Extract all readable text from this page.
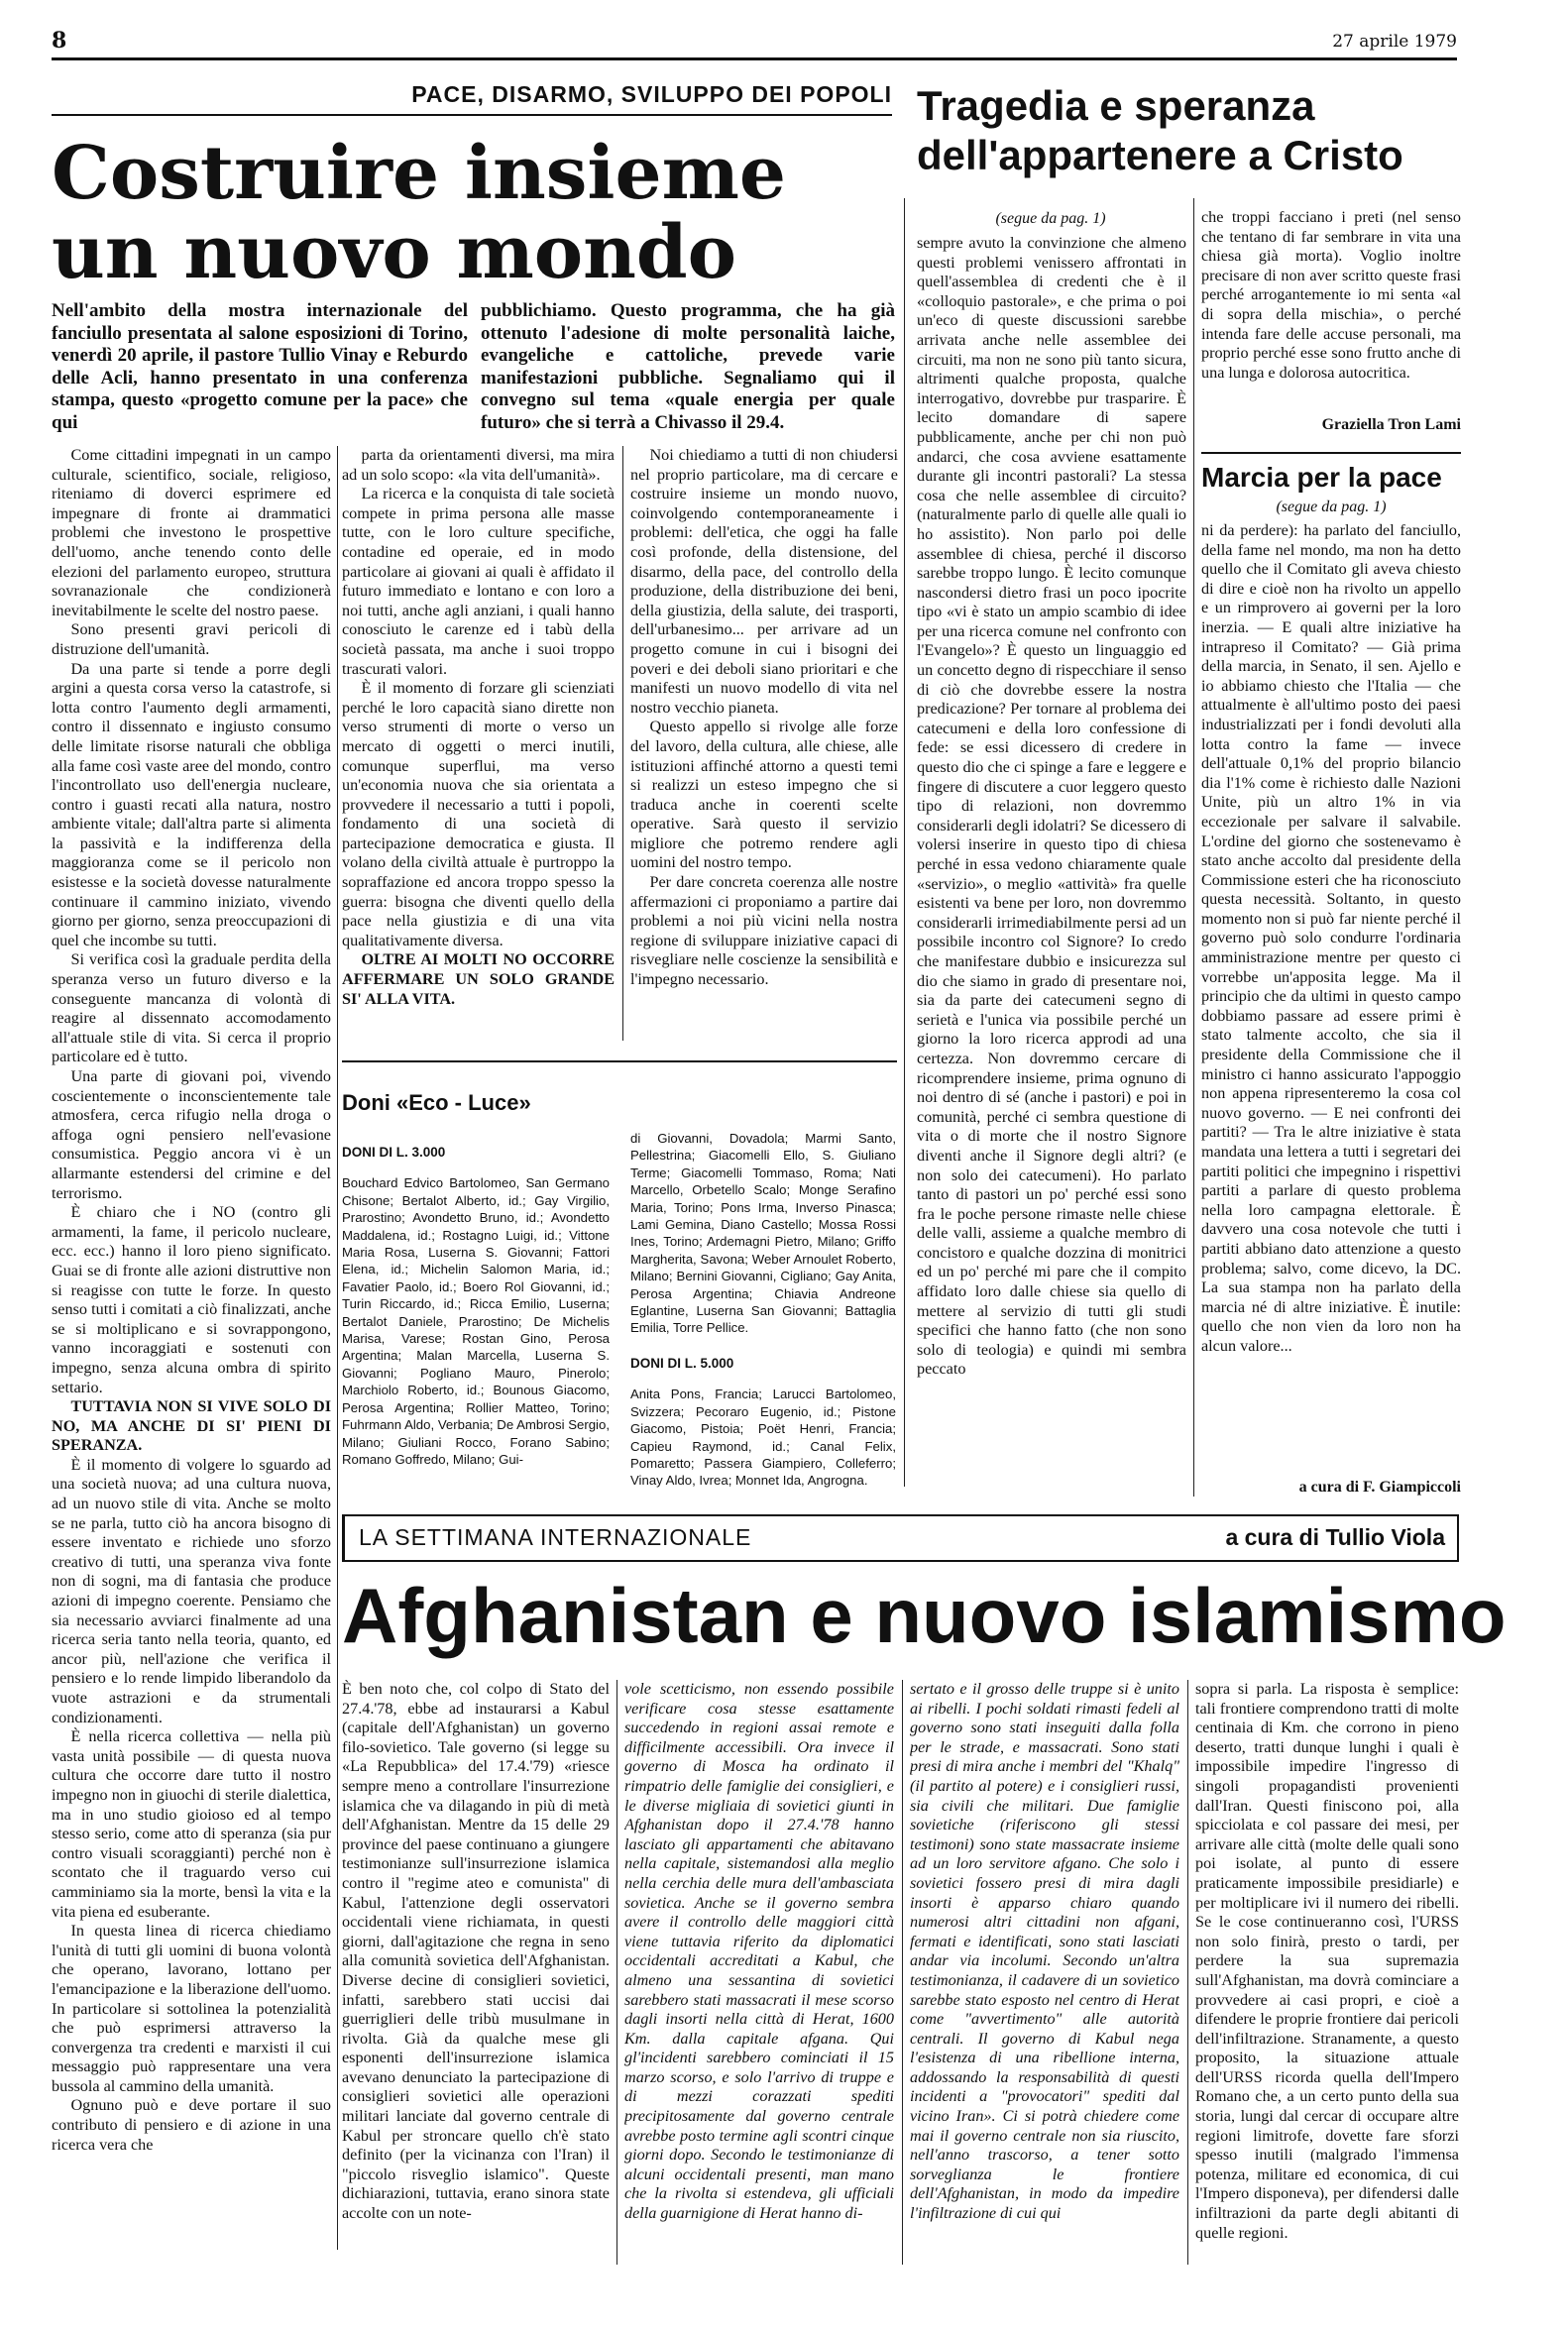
8	27 aprile 1979
PACE, DISARMO, SVILUPPO DEI POPOLI
Costruire insieme un nuovo mondo
Nell'ambito della mostra internazionale del fanciullo presentata al salone esposizioni di Torino, venerdì 20 aprile, il pastore Tullio Vinay e Reburdo delle Acli, hanno presentato in una conferenza stampa, questo «progetto comune per la pace» che qui
pubblichiamo. Questo programma, che ha già ottenuto l'adesione di molte personalità laiche, evangeliche e cattoliche, prevede varie manifestazioni pubbliche. Segnaliamo qui il convegno sul tema «quale energia per quale futuro» che si terrà a Chivasso il 29.4.

Come cittadini impegnati in un campo culturale, scientifico, sociale, religioso, riteniamo di doverci esprimere ed impegnare di fronte ai drammatici problemi che investono le prospettive dell'uomo, anche tenendo conto delle elezioni del parlamento europeo, struttura sovranazionale che condizionerà inevitabilmente le scelte del nostro paese.

Sono presenti gravi pericoli di distruzione dell'umanità.

Da una parte si tende a porre degli argini a questa corsa verso la catastrofe, si lotta contro l'aumento degli armamenti, contro il dissennato e ingiusto consumo delle limitate risorse naturali che obbliga alla fame così vaste aree del mondo, contro l'incontrollato uso dell'energia nucleare, contro i guasti recati alla natura, nostro ambiente vitale; dall'altra parte si alimenta la passività e la indifferenza della maggioranza come se il pericolo non esistesse e la società dovesse naturalmente continuare il cammino iniziato, vivendo giorno per giorno, senza preoccupazioni di quel che incombe su tutti.

Si verifica così la graduale perdita della speranza verso un futuro diverso e la conseguente mancanza di volontà di reagire al dissennato accomodamento all'attuale stile di vita. Si cerca il proprio particolare ed è tutto.

Una parte di giovani poi, vivendo coscientemente o inconscientemente tale atmosfera, cerca rifugio nella droga o affoga ogni pensiero nell'evasione consumistica. Peggio ancora vi è un allarmante estendersi del crimine e del terrorismo.

È chiaro che i NO (contro gli armamenti, la fame, il pericolo nucleare, ecc. ecc.) hanno il loro pieno significato. Guai se di fronte alle azioni distruttive non si reagisse con tutte le forze. In questo senso tutti i comitati a ciò finalizzati, anche se si moltiplicano e si sovrappongono, vanno incoraggiati e sostenuti con impegno, senza alcuna ombra di spirito settario.

TUTTAVIA NON SI VIVE SOLO DI NO, MA ANCHE DI SI' PIENI DI SPERANZA.

È il momento di volgere lo sguardo ad una società nuova; ad una cultura nuova, ad un nuovo stile di vita. Anche se molto se ne parla, tutto ciò ha ancora bisogno di essere inventato e richiede uno sforzo creativo di tutti, una speranza viva fonte non di sogni, ma di fantasia che produce azioni di impegno coerente. Pensiamo che sia necessario avviarci finalmente ad una ricerca seria tanto nella teoria, quanto, ed ancor più, nell'azione che verifica il pensiero e lo rende limpido liberandolo da vuote astrazioni e da strumentali condizionamenti.

È nella ricerca collettiva — nella più vasta unità possibile — di questa nuova cultura che occorre dare tutto il nostro impegno non in giuochi di sterile dialettica, ma in uno studio gioioso ed al tempo stesso serio, come atto di speranza (sia pur contro visuali scoraggianti) perché non è scontato che il traguardo verso cui camminiamo sia la morte, bensì la vita e la vita piena ed esuberante.

In questa linea di ricerca chiediamo l'unità di tutti gli uomini di buona volontà che operano, lavorano, lottano per l'emancipazione e la liberazione dell'uomo. In particolare si sottolinea la potenzialità che può esprimersi attraverso la convergenza tra credenti e marxisti il cui messaggio può rappresentare una vera bussola al cammino della umanità.

Ognuno può e deve portare il suo contributo di pensiero e di azione in una ricerca vera che

parta da orientamenti diversi, ma mira ad un solo scopo: «la vita dell'umanità».

La ricerca e la conquista di tale società compete in prima persona alle masse tutte, con le loro culture specifiche, contadine ed operaie, ed in modo particolare ai giovani ai quali è affidato il futuro immediato e lontano e con loro a noi tutti, anche agli anziani, i quali hanno conosciuto le carenze ed i tabù della società passata, ma anche i suoi troppo trascurati valori.

È il momento di forzare gli scienziati perché le loro capacità siano dirette non verso strumenti di morte o verso un mercato di oggetti o merci inutili, comunque superflui, ma verso un'economia nuova che sia orientata a provvedere il necessario a tutti i popoli, fondamento di una società di partecipazione democratica e giusta. Il volano della civiltà attuale è purtroppo la sopraffazione ed ancora troppo spesso la guerra: bisogna che diventi quello della pace nella giustizia e di una vita qualitativamente diversa.

OLTRE AI MOLTI NO OCCORRE AFFERMARE UN SOLO GRANDE SI' ALLA VITA.

Noi chiediamo a tutti di non chiudersi nel proprio particolare, ma di cercare e costruire insieme un mondo nuovo, coinvolgendo contemporaneamente i problemi: dell'etica, che oggi ha falle così profonde, della distensione, del disarmo, della pace, del controllo della produzione, della distribuzione dei beni, della giustizia, della salute, dei trasporti, dell'urbanesimo... per arrivare ad un progetto comune in cui i bisogni dei poveri e dei deboli siano prioritari e che manifesti un nuovo modello di vita nel nostro vecchio pianeta.

Questo appello si rivolge alle forze del lavoro, della cultura, alle chiese, alle istituzioni affinché attorno a questi temi si realizzi un esteso impegno che si traduca anche in coerenti scelte operative. Sarà questo il servizio migliore che potremo rendere agli uomini del nostro tempo.

Per dare concreta coerenza alle nostre affermazioni ci proponiamo a partire dai problemi a noi più vicini nella nostra regione di sviluppare iniziative capaci di risvegliare nelle coscienze la sensibilità e l'impegno necessario.

Doni «Eco - Luce»
DONI DI L. 3.000
Bouchard Edvico Bartolomeo, San Germano Chisone; Bertalot Alberto, id.; Gay Virgilio, Prarostino; Avondetto Bruno, id.; Avondetto Maddalena, id.; Rostagno Luigi, id.; Vittone Maria Rosa, Luserna S. Giovanni; Fattori Elena, id.; Michelin Salomon Maria, id.; Favatier Paolo, id.; Boero Rol Giovanni, id.; Turin Riccardo, id.; Ricca Emilio, Luserna; Bertalot Daniele, Prarostino; De Michelis Marisa, Varese; Rostan Gino, Perosa Argentina; Malan Marcella, Luserna S. Giovanni; Pogliano Mauro, Pinerolo; Marchiolo Roberto, id.; Bounous Giacomo, Perosa Argentina; Rollier Matteo, Torino; Fuhrmann Aldo, Verbania; De Ambrosi Sergio, Milano; Giuliani Rocco, Forano Sabino; Romano Goffredo, Milano; Gui-
di Giovanni, Dovadola; Marmi Santo, Pellestrina; Giacomelli Ello, S. Giuliano Terme; Giacomelli Tommaso, Roma; Nati Marcello, Orbetello Scalo; Monge Serafino Maria, Torino; Pons Irma, Inverso Pinasca; Lami Gemina, Diano Castello; Mossa Rossi Ines, Torino; Ardemagni Pietro, Milano; Griffo Margherita, Savona; Weber Arnoulet Roberto, Milano; Bernini Giovanni, Cigliano; Gay Anita, Perosa Argentina; Chiavia Andreone Eglantine, Luserna San Giovanni; Battaglia Emilia, Torre Pellice.
DONI DI L. 5.000
Anita Pons, Francia; Larucci Bartolomeo, Svizzera; Pecoraro Eugenio, id.; Pistone Giacomo, Pistoia; Poët Henri, Francia; Capieu Raymond, id.; Canal Felix, Pomaretto; Passera Giampiero, Colleferro; Vinay Aldo, Ivrea; Monnet Ida, Angrogna.
Tragedia e speranza dell'appartenere a Cristo
(segue da pag. 1)
sempre avuto la convinzione che almeno questi problemi venissero affrontati in quell'assemblea di credenti che è il «colloquio pastorale», e che prima o poi un'eco di queste discussioni sarebbe arrivata anche nelle assemblee dei circuiti, ma non ne sono più tanto sicura, altrimenti qualche proposta, qualche interrogativo, dovrebbe pur trasparire. È lecito domandare di sapere pubblicamente, anche per chi non può andarci, che cosa avviene esattamente durante gli incontri pastorali? La stessa cosa che nelle assemblee di circuito? (naturalmente parlo di quelle alle quali io ho assistito). Non parlo poi delle assemblee di chiesa, perché il discorso sarebbe troppo lungo. È lecito comunque nascondersi dietro frasi un poco ipocrite tipo «vi è stato un ampio scambio di idee per una ricerca comune nel confronto con l'Evangelo»? È questo un linguaggio ed un concetto degno di rispecchiare il senso di ciò che dovrebbe essere la nostra predicazione? Per tornare al problema dei catecumeni e della loro confessione di fede: se essi dicessero di credere in questo dio che ci spinge a fare e leggere e fingere di discutere a cuor leggero questo tipo di relazioni, non dovremmo considerarli degli idolatri? Se dicessero di volersi inserire in questo tipo di chiesa perché in essa vedono chiaramente quale «servizio», o meglio «attività» fra quelle esistenti va bene per loro, non dovremmo considerarli irrimediabilmente persi ad un possibile incontro col Signore? Io credo che manifestare dubbio e insicurezza sul dio che siamo in grado di presentare noi, sia da parte dei catecumeni segno di serietà e l'unica via possibile perché un giorno la loro ricerca approdi ad una certezza. Non dovremmo cercare di ricomprendere insieme, prima ognuno di noi dentro di sé (anche i pastori) e poi in comunità, perché ci sembra questione di vita o di morte che il nostro Signore diventi anche il Signore degli altri? (e non solo dei catecumeni). Ho parlato tanto di pastori un po' perché essi sono fra le poche persone rimaste nelle chiese delle valli, assieme a qualche membro di concistoro e qualche dozzina di monitrici ed un po' perché mi pare che il compito affidato loro dalle chiese sia quello di mettere al servizio di tutti gli studi specifici che hanno fatto (che non sono solo di teologia) e quindi mi sembra peccato
che troppi facciano i preti (nel senso che tentano di far sembrare in vita una chiesa già morta). Voglio inoltre precisare di non aver scritto queste frasi perché arrogantemente io mi senta «al di sopra della mischia», o perché intenda fare delle accuse personali, ma proprio perché esse sono frutto anche di una lunga e dolorosa autocritica.
Graziella Tron Lami
Marcia per la pace
(segue da pag. 1)
ni da perdere): ha parlato del fanciullo, della fame nel mondo, ma non ha detto quello che il Comitato gli aveva chiesto di dire e cioè non ha rivolto un appello e un rimprovero ai governi per la loro inerzia. — E quali altre iniziative ha intrapreso il Comitato? — Già prima della marcia, in Senato, il sen. Ajello e io abbiamo chiesto che l'Italia — che attualmente è all'ultimo posto dei paesi industrializzati per i fondi devoluti alla lotta contro la fame — invece dell'attuale 0,1% del proprio bilancio dia l'1% come è richiesto dalle Nazioni Unite, più un altro 1% in via eccezionale per salvare il salvabile. L'ordine del giorno che sostenevamo è stato anche accolto dal presidente della Commissione esteri che ha riconosciuto questa necessità. Soltanto, in questo momento non si può far niente perché il governo può solo condurre l'ordinaria amministrazione mentre per questo ci vorrebbe un'apposita legge. Ma il principio che da ultimi in questo campo dobbiamo passare ad essere primi è stato talmente accolto, che sia il presidente della Commissione che il ministro ci hanno assicurato l'appoggio non appena ripresenteremo la cosa col nuovo governo. — E nei confronti dei partiti? — Tra le altre iniziative è stata mandata una lettera a tutti i segretari dei partiti politici che impegnino i rispettivi partiti a parlare di questo problema nella loro campagna elettorale. È davvero una cosa notevole che tutti i partiti abbiano dato attenzione a questo problema; salvo, come dicevo, la DC. La sua stampa non ha parlato della marcia né di altre iniziative. È inutile: quello che non vien da loro non ha alcun valore...
a cura di F. Giampiccoli
LA SETTIMANA INTERNAZIONALE	a cura di Tullio Viola
Afghanistan e nuovo islamismo
È ben noto che, col colpo di Stato del 27.4.'78, ebbe ad instaurarsi a Kabul (capitale dell'Afghanistan) un governo filo-sovietico. Tale governo (si legge su «La Repubblica» del 17.4.'79) «riesce sempre meno a controllare l'insurrezione islamica che va dilagando in più di metà dell'Afghanistan. Mentre da 15 delle 29 province del paese continuano a giungere testimonianze sull'insurrezione islamica contro il "regime ateo e comunista" di Kabul, l'attenzione degli osservatori occidentali viene richiamata, in questi giorni, dall'agitazione che regna in seno alla comunità sovietica dell'Afghanistan. Diverse decine di consiglieri sovietici, infatti, sarebbero stati uccisi dai guerriglieri delle tribù musulmane in rivolta. Già da qualche mese gli esponenti dell'insurrezione islamica avevano denunciato la partecipazione di consiglieri sovietici alle operazioni militari lanciate dal governo centrale di Kabul per stroncare quello ch'è stato definito (per la vicinanza con l'Iran) il "piccolo risveglio islamico". Queste dichiarazioni, tuttavia, erano sinora state accolte con un note-
vole scetticismo, non essendo possibile verificare cosa stesse esattamente succedendo in regioni assai remote e difficilmente accessibili. Ora invece il governo di Mosca ha ordinato il rimpatrio delle famiglie dei consiglieri, e le diverse migliaia di sovietici giunti in Afghanistan dopo il 27.4.'78 hanno lasciato gli appartamenti che abitavano nella capitale, sistemandosi alla meglio nella cerchia delle mura dell'ambasciata sovietica. Anche se il governo sembra avere il controllo delle maggiori città viene tuttavia riferito da diplomatici occidentali accreditati a Kabul, che almeno una sessantina di sovietici sarebbero stati massacrati il mese scorso dagli insorti nella città di Herat, 1600 Km. dalla capitale afgana. Qui gl'incidenti sarebbero cominciati il 15 marzo scorso, e solo l'arrivo di truppe e di mezzi corazzati spediti precipitosamente dal governo centrale avrebbe posto termine agli scontri cinque giorni dopo. Secondo le testimonianze di alcuni occidentali presenti, man mano che la rivolta si estendeva, gli ufficiali della guarnigione di Herat hanno di-
sertato e il grosso delle truppe si è unito ai ribelli. I pochi soldati rimasti fedeli al governo sono stati inseguiti dalla folla per le strade, e massacrati. Sono stati presi di mira anche i membri del "Khalq" (il partito al potere) e i consiglieri russi, sia civili che militari. Due famiglie sovietiche (riferiscono gli stessi testimoni) sono state massacrate insieme ad un loro servitore afgano. Che solo i sovietici fossero presi di mira dagli insorti è apparso chiaro quando numerosi altri cittadini non afgani, fermati e identificati, sono stati lasciati andar via incolumi. Secondo un'altra testimonianza, il cadavere di un sovietico sarebbe stato esposto nel centro di Herat come "avvertimento" alle autorità centrali. Il governo di Kabul nega l'esistenza di una ribellione interna, addossando la responsabilità di questi incidenti a "provocatori" spediti dal vicino Iran». Ci si potrà chiedere come mai il governo centrale non sia riuscito, nell'anno trascorso, a tener sotto sorveglianza le frontiere dell'Afghanistan, in modo da impedire l'infiltrazione di cui qui
sopra si parla. La risposta è semplice: tali frontiere comprendono tratti di molte centinaia di Km. che corrono in pieno deserto, tratti dunque lunghi i quali è impossibile impedire l'ingresso di singoli propagandisti provenienti dall'Iran. Questi finiscono poi, alla spicciolata e col passare dei mesi, per arrivare alle città (molte delle quali sono poi isolate, al punto di essere praticamente impossibile presidiarle) e per moltiplicare ivi il numero dei ribelli. Se le cose continueranno così, l'URSS non solo finirà, presto o tardi, per perdere la sua supremazia sull'Afghanistan, ma dovrà cominciare a provvedere ai casi propri, e cioè a difendere le proprie frontiere dai pericoli dell'infiltrazione. Stranamente, a questo proposito, la situazione attuale dell'URSS ricorda quella dell'Impero Romano che, a un certo punto della sua storia, lungi dal cercar di occupare altre regioni limitrofe, dovette fare sforzi spesso inutili (malgrado l'immensa potenza, militare ed economica, di cui l'Impero disponeva), per difendersi dalle infiltrazioni da parte degli abitanti di quelle regioni.
